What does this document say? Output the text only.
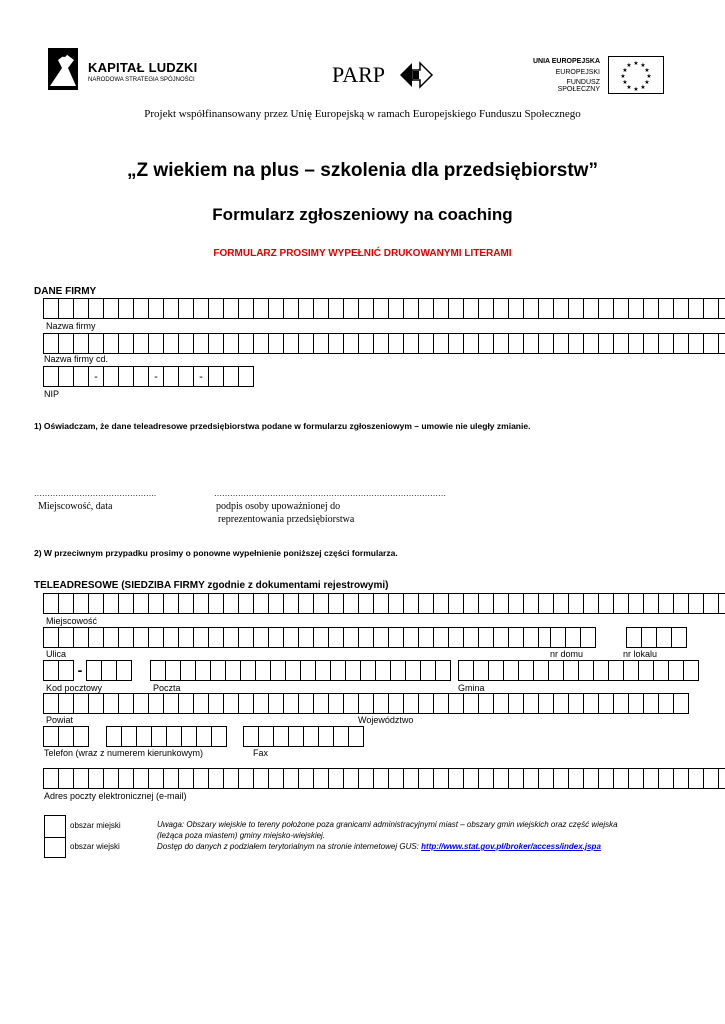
KAPITAŁ LUDZKI
NARODOWA STRATEGIA SPÓJNOŚCI	PARP
UNIA EUROPEJSKA
EUROPEJSKI
FUNDUSZ SPOŁECZNY
★ ★
★
★
★
★
★
★
★
★
★
★
Projekt współfinansowany przez Unię Europejską w ramach Europejskiego Funduszu Społecznego
„Z wiekiem na plus – szkolenia dla przedsiębiorstw”
Formularz zgłoszeniowy na coaching
FORMULARZ PROSIMY WYPEŁNIĆ DRUKOWANYMI LITERAMI
DANE FIRMY
Nazwa firmy
Nazwa firmy cd.
-	-	-
NIP
1) Oświadczam, że dane teleadresowe przedsiębiorstwa podane w formularzu zgłoszeniowym – umowie nie uległy zmianie.
……………………………………….	……………………………………………………………………………
Miejscowość, data	podpis osoby upoważnionej do
reprezentowania przedsiębiorstwa
2) W przeciwnym przypadku prosimy o ponowne wypełnienie poniższej części formularza.
TELEADRESOWE (SIEDZIBA FIRMY zgodnie z dokumentami rejestrowymi)
Miejscowość
Ulica	nr domu	nr lokalu
-
Kod pocztowy	Poczta	Gmina
Powiat	Województwo
Telefon (wraz z numerem kierunkowym)	Fax
Adres poczty elektronicznej (e-mail)
obszar miejski
obszar wiejski
Uwaga: Obszary wiejskie to tereny położone poza granicami administracyjnymi miast – obszary gmin wiejskich oraz część wiejska
(leżąca poza miastem) gminy miejsko-wiejskiej.
Dostęp do danych z podziałem terytorialnym na stronie internetowej GUS: http://www.stat.gov.pl/broker/access/index.jspa
